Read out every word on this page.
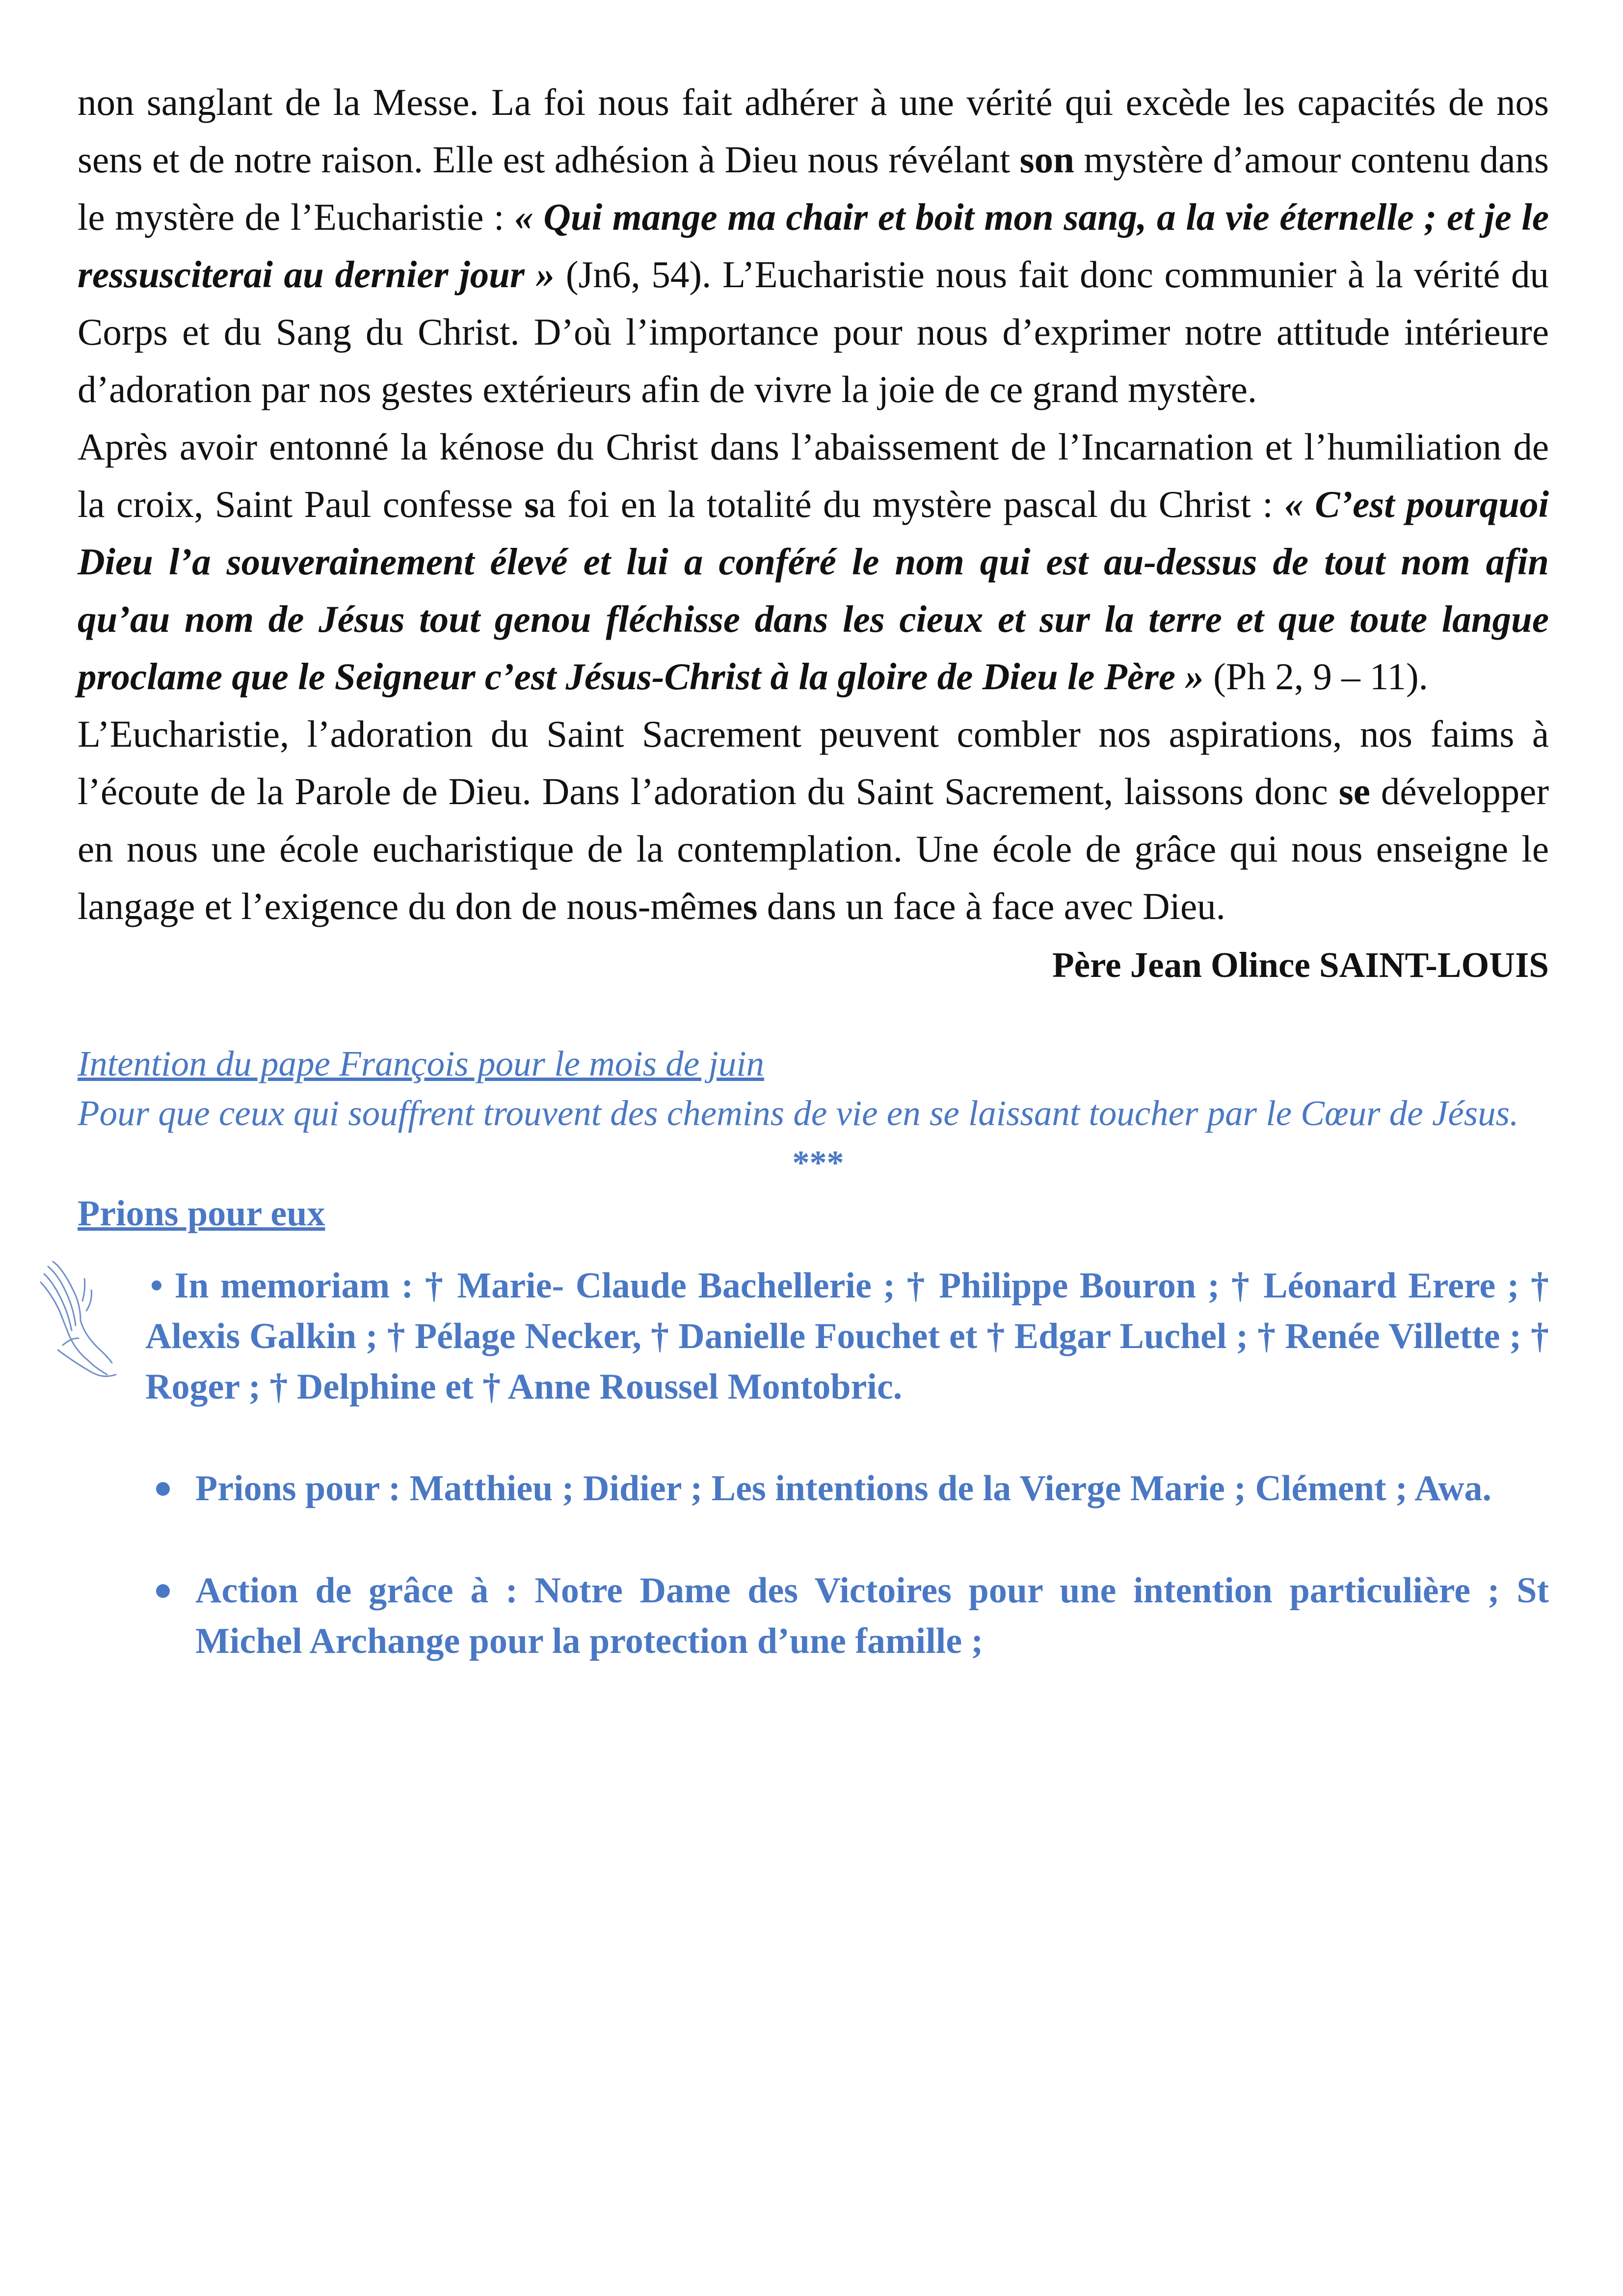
non sanglant de la Messe. La foi nous fait adhérer à une vérité qui excède les capacités de nos sens et de notre raison. Elle est adhésion à Dieu nous révélant son mystère d’amour contenu dans le mystère de l’Eucharistie : « Qui mange ma chair et boit mon sang, a la vie éternelle ; et je le ressusciterai au dernier jour » (Jn6, 54). L’Eucharistie nous fait donc communier à la vérité du Corps et du Sang du Christ. D’où l’importance pour nous d’exprimer notre attitude intérieure d’adoration par nos gestes extérieurs afin de vivre la joie de ce grand mystère.

Après avoir entonné la kénose du Christ dans l’abaissement de l’Incarnation et l’humiliation de la croix, Saint Paul confesse sa foi en la totalité du mystère pascal du Christ : « C’est pourquoi Dieu l’a souverainement élevé et lui a conféré le nom qui est au-dessus de tout nom afin qu’au nom de Jésus tout genou fléchisse dans les cieux et sur la terre et que toute langue proclame que le Seigneur c’est Jésus-Christ à la gloire de Dieu le Père » (Ph 2, 9 – 11).

L’Eucharistie, l’adoration du Saint Sacrement peuvent combler nos aspirations, nos faims à l’écoute de la Parole de Dieu. Dans l’adoration du Saint Sacrement, laissons donc se développer en nous une école eucharistique de la contemplation. Une école de grâce qui nous enseigne le langage et l’exigence du don de nous-mêmes dans un face à face avec Dieu.

Père Jean Olince SAINT-LOUIS
Intention du pape François pour le mois de juin
Pour que ceux qui souffrent trouvent des chemins de vie en se laissant toucher par le Cœur de Jésus.
***
Prions pour eux
• In memoriam : † Marie- Claude Bachellerie ; † Philippe Bouron ; † Léonard Erere ; † Alexis Galkin ; † Pélage Necker, † Danielle Fouchet et † Edgar Luchel ; † Renée Villette ; † Roger ; † Delphine et † Anne Roussel Montobric.
Prions pour : Matthieu ; Didier ; Les intentions de la Vierge Marie ; Clément ; Awa.
Action de grâce à : Notre Dame des Victoires pour une intention particulière ; St Michel Archange pour la protection d’une famille ;
